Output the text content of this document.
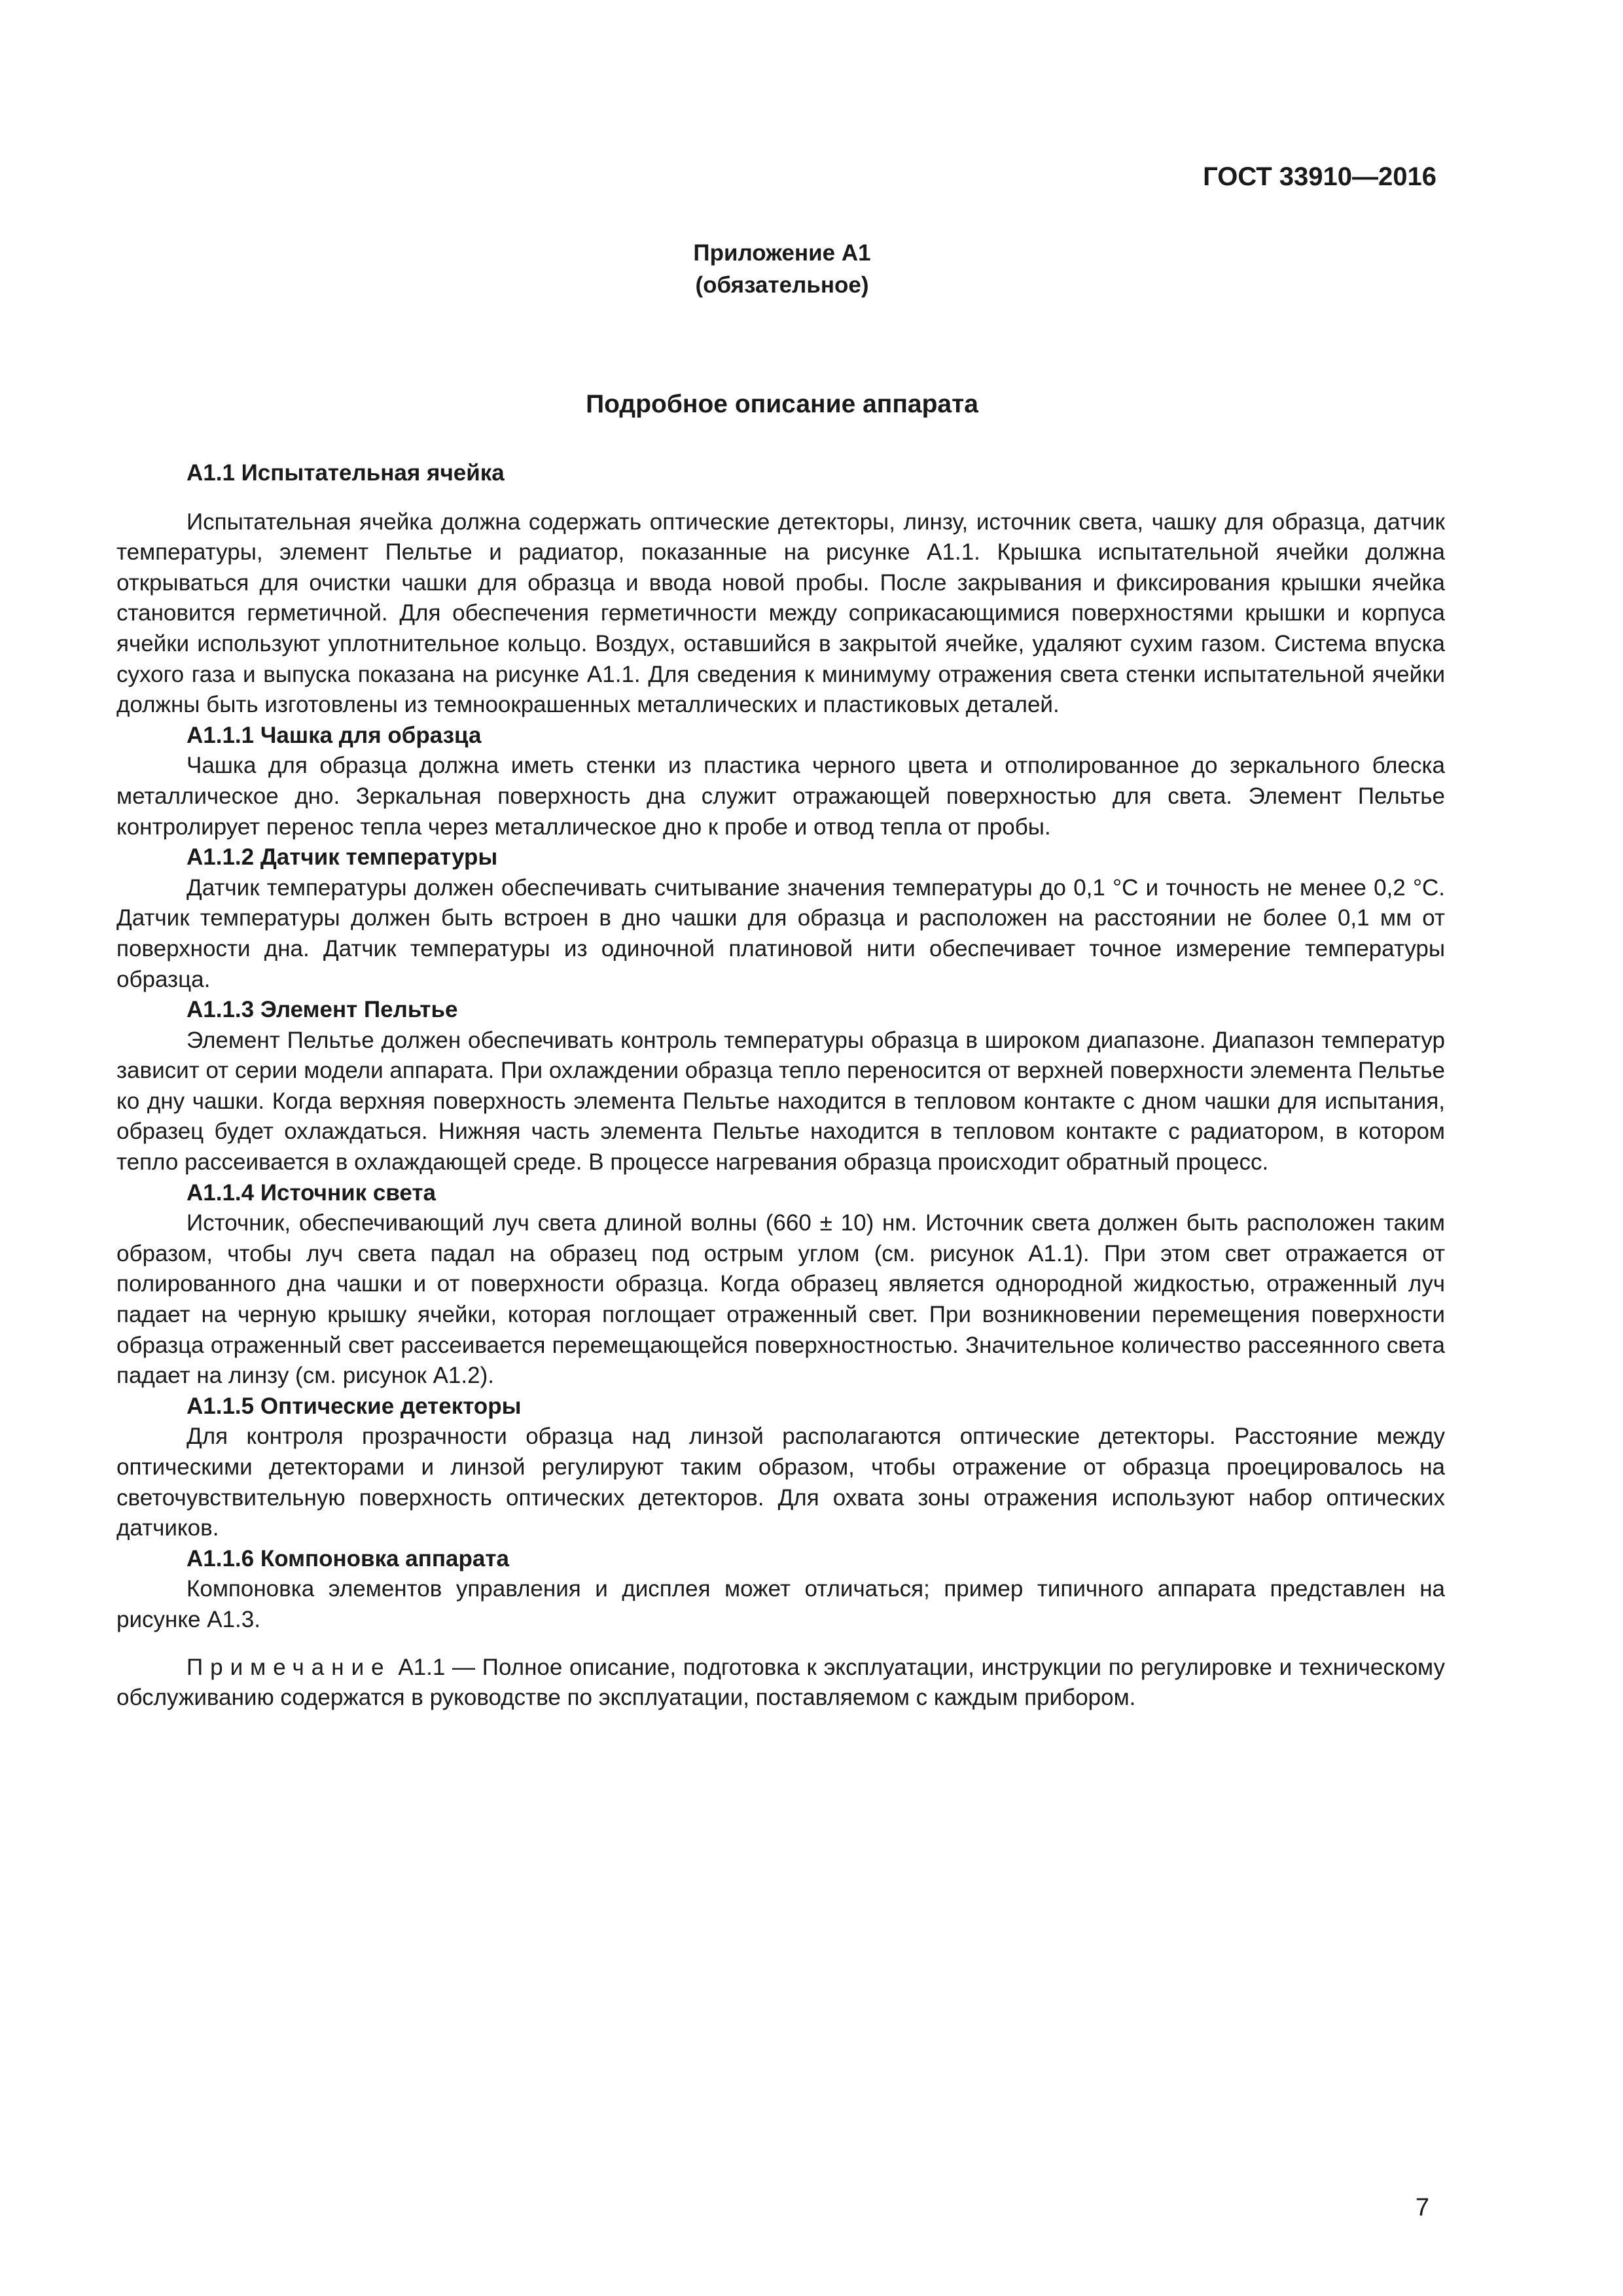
ГОСТ 33910—2016
Приложение А1
(обязательное)
Подробное описание аппарата
А1.1 Испытательная ячейка
Испытательная ячейка должна содержать оптические детекторы, линзу, источник света, чашку для образца, датчик температуры, элемент Пельтье и радиатор, показанные на рисунке А1.1. Крышка испытательной ячейки должна открываться для очистки чашки для образца и ввода новой пробы. После закрывания и фиксирования крышки ячейка становится герметичной. Для обеспечения герметичности между соприкасающимися поверхностями крышки и корпуса ячейки используют уплотнительное кольцо. Воздух, оставшийся в закрытой ячейке, удаляют сухим газом. Система впуска сухого газа и выпуска показана на рисунке А1.1. Для сведения к минимуму отражения света стенки испытательной ячейки должны быть изготовлены из темноокрашенных металлических и пластиковых деталей.
А1.1.1 Чашка для образца
Чашка для образца должна иметь стенки из пластика черного цвета и отполированное до зеркального блеска металлическое дно. Зеркальная поверхность дна служит отражающей поверхностью для света. Элемент Пельтье контролирует перенос тепла через металлическое дно к пробе и отвод тепла от пробы.
А1.1.2 Датчик температуры
Датчик температуры должен обеспечивать считывание значения температуры до 0,1 °С и точность не менее 0,2 °С. Датчик температуры должен быть встроен в дно чашки для образца и расположен на расстоянии не более 0,1 мм от поверхности дна. Датчик температуры из одиночной платиновой нити обеспечивает точное измерение температуры образца.
А1.1.3 Элемент Пельтье
Элемент Пельтье должен обеспечивать контроль температуры образца в широком диапазоне. Диапазон температур зависит от серии модели аппарата. При охлаждении образца тепло переносится от верхней поверхности элемента Пельтье ко дну чашки. Когда верхняя поверхность элемента Пельтье находится в тепловом контакте с дном чашки для испытания, образец будет охлаждаться. Нижняя часть элемента Пельтье находится в тепловом контакте с радиатором, в котором тепло рассеивается в охлаждающей среде. В процессе нагревания образца происходит обратный процесс.
А1.1.4 Источник света
Источник, обеспечивающий луч света длиной волны (660 ± 10) нм. Источник света должен быть расположен таким образом, чтобы луч света падал на образец под острым углом (см. рисунок А1.1). При этом свет отражается от полированного дна чашки и от поверхности образца. Когда образец является однородной жидкостью, отраженный луч падает на черную крышку ячейки, которая поглощает отраженный свет. При возникновении перемещения поверхности образца отраженный свет рассеивается перемещающейся поверхностностью. Значительное количество рассеянного света падает на линзу (см. рисунок А1.2).
А1.1.5 Оптические детекторы
Для контроля прозрачности образца над линзой располагаются оптические детекторы. Расстояние между оптическими детекторами и линзой регулируют таким образом, чтобы отражение от образца проецировалось на светочувствительную поверхность оптических детекторов. Для охвата зоны отражения используют набор оптических датчиков.
А1.1.6 Компоновка аппарата
Компоновка элементов управления и дисплея может отличаться; пример типичного аппарата представлен на рисунке А1.3.
Примечание А1.1 — Полное описание, подготовка к эксплуатации, инструкции по регулировке и техническому обслуживанию содержатся в руководстве по эксплуатации, поставляемом с каждым прибором.
7
